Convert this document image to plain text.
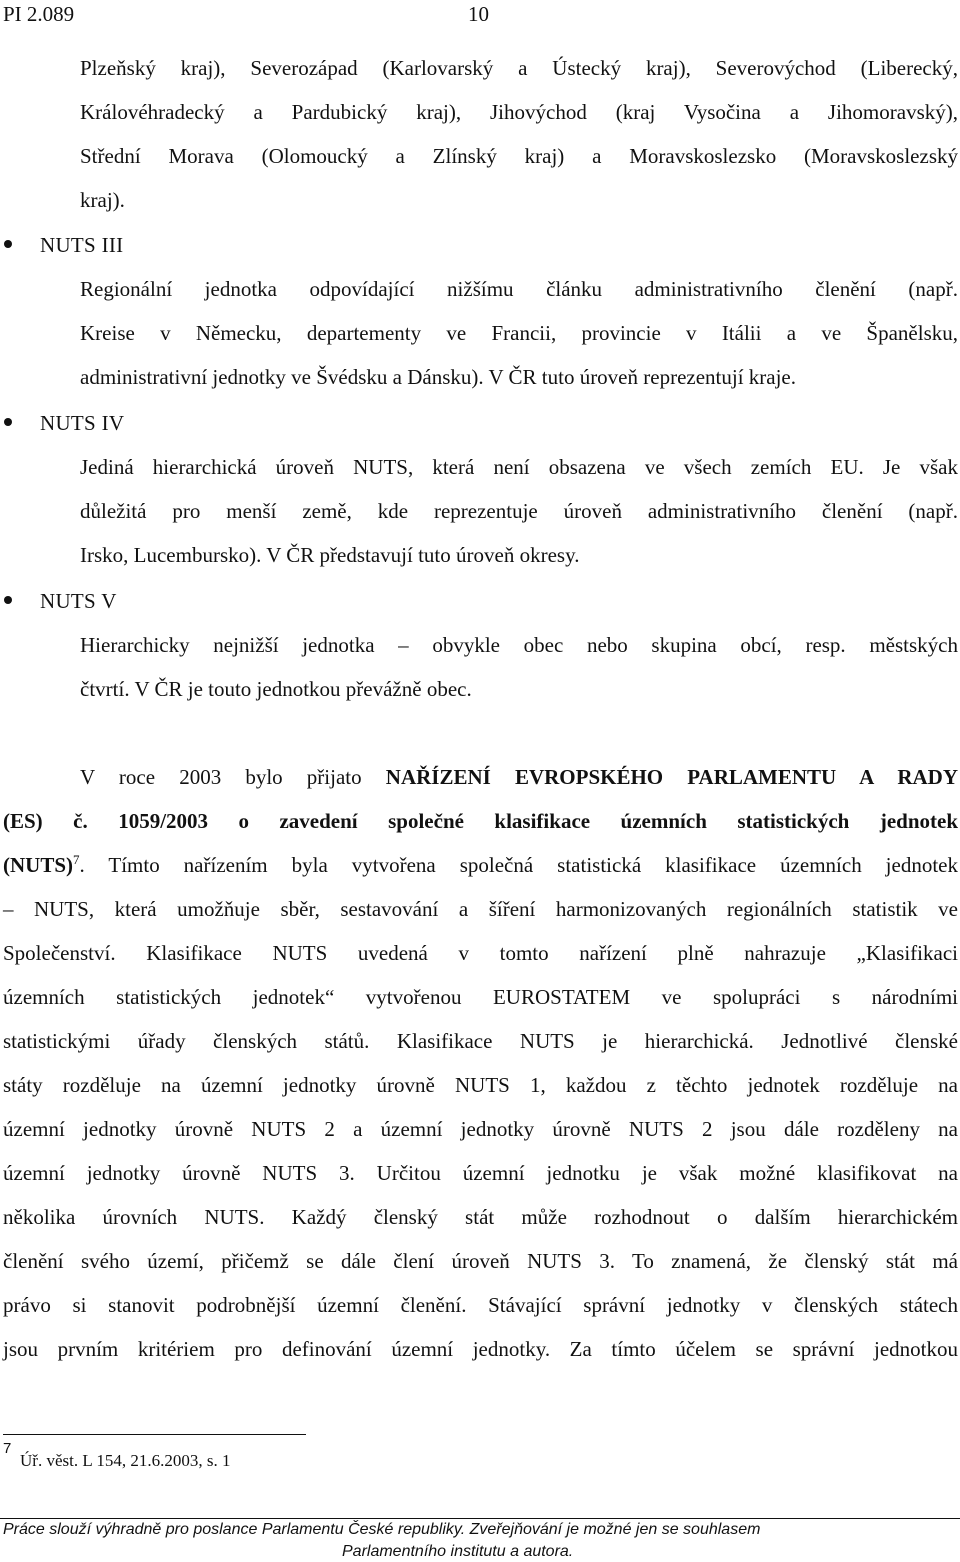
PI 2.089	10
Plzeňský kraj), Severozápad (Karlovarský a Ústecký kraj), Severovýchod (Liberecký,
Královéhradecký a Pardubický kraj), Jihovýchod (kraj Vysočina a Jihomoravský),
Střední Morava (Olomoucký a Zlínský kraj) a Moravskoslezsko (Moravskoslezský
kraj).
NUTS III
Regionální jednotka odpovídající nižšímu článku administrativního členění (např.
Kreise v Německu, departementy ve Francii, provincie v Itálii a ve Španělsku,
administrativní jednotky ve Švédsku a Dánsku). V ČR tuto úroveň reprezentují kraje.
NUTS IV
Jediná hierarchická úroveň NUTS, která není obsazena ve všech zemích EU. Je však
důležitá pro menší země, kde reprezentuje úroveň administrativního členění (např.
Irsko, Lucembursko). V ČR představují tuto úroveň okresy.
NUTS V
Hierarchicky nejnižší jednotka – obvykle obec nebo skupina obcí, resp. městských
čtvrtí. V ČR je touto jednotkou převážně obec.
V roce 2003 bylo přijato NAŘÍZENÍ EVROPSKÉHO PARLAMENTU A RADY
(ES) č. 1059/2003 o zavedení společné klasifikace územních statistických jednotek
(NUTS)$^7$. Tímto nařízením byla vytvořena společná statistická klasifikace územních jednotek
– NUTS, která umožňuje sběr, sestavování a šíření harmonizovaných regionálních statistik ve
Společenství. Klasifikace NUTS uvedená v tomto nařízení plně nahrazuje „Klasifikaci
územních statistických jednotek“ vytvořenou EUROSTATEM ve spolupráci s národními
statistickými úřady členských států. Klasifikace NUTS je hierarchická. Jednotlivé členské
státy rozděluje na územní jednotky úrovně NUTS 1, každou z těchto jednotek rozděluje na
územní jednotky úrovně NUTS 2 a územní jednotky úrovně NUTS 2 jsou dále rozděleny na
územní jednotky úrovně NUTS 3. Určitou územní jednotku je však možné klasifikovat na
několika úrovních NUTS. Každý členský stát může rozhodnout o dalším hierarchickém
členění svého území, přičemž se dále člení úroveň NUTS 3. To znamená, že členský stát má
právo si stanovit podrobnější územní členění. Stávající správní jednotky v členských státech
jsou prvním kritériem pro definování územní jednotky. Za tímto účelem se správní jednotkou
7
Úř. věst. L 154, 21.6.2003, s. 1
Práce slouží výhradně pro poslance Parlamentu České republiky. Zveřejňování je možné jen se souhlasem
Parlamentního institutu a autora.
